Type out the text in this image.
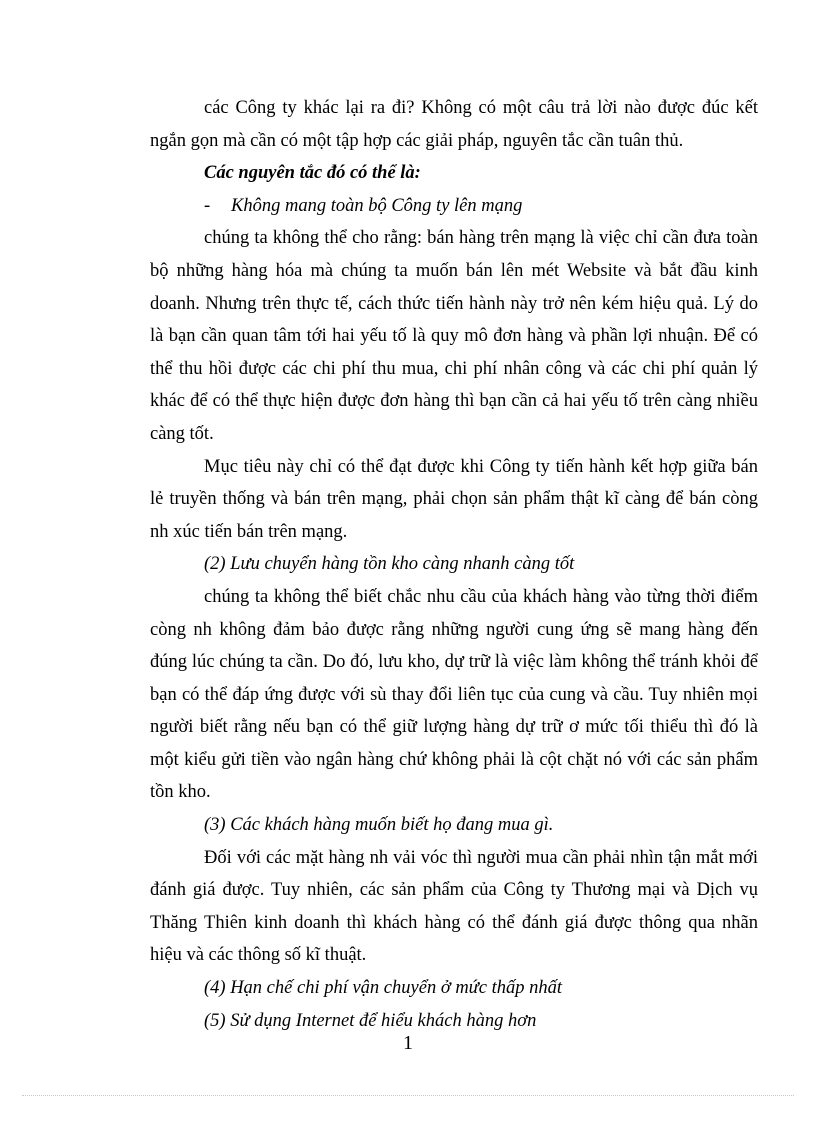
các Công ty khác lại ra đi? Không có một câu trả lời nào được đúc kết ngắn gọn mà cần có một tập hợp các giải pháp, nguyên tắc cần tuân thủ.

Các nguyên tắc đó có thể là:

- Không mang toàn bộ Công ty lên mạng

chúng ta không thể cho rằng: bán hàng trên mạng là việc chỉ cần đưa toàn bộ những hàng hóa mà chúng ta muốn bán lên mét Website và bắt đầu kinh doanh. Nhưng trên thực tế, cách thức tiến hành này trở nên kém hiệu quả. Lý do là bạn cần quan tâm tới hai yếu tố là quy mô đơn hàng và phần lợi nhuận. Để có thể thu hồi được các chi phí thu mua, chi phí nhân công và các chi phí quản lý khác để có thể thực hiện được đơn hàng thì bạn cần cả hai yếu tố trên càng nhiều càng tốt.

Mục tiêu này chỉ có thể đạt được khi Công ty tiến hành kết hợp giữa bán lẻ truyền thống và bán trên mạng, phải chọn sản phẩm thật kĩ càng để bán còng nh xúc tiến bán trên mạng.

(2) Lưu chuyển hàng tồn kho càng nhanh càng tốt

chúng ta không thể biết chắc nhu cầu của khách hàng vào từng thời điểm còng nh không đảm bảo được rằng những người cung ứng sẽ mang hàng đến đúng lúc chúng ta cần. Do đó, lưu kho, dự trữ là việc làm không thể tránh khỏi để bạn có thể đáp ứng được với sù thay đổi liên tục của cung và cầu. Tuy nhiên mọi người biết rằng nếu bạn có thể giữ lượng hàng dự trữ ơ mức tối thiểu thì đó là một kiểu gửi tiền vào ngân hàng chứ không phải là cột chặt nó với các sản phẩm tồn kho.

(3) Các khách hàng muốn biết họ đang mua gì.

Đối với các mặt hàng nh vải vóc thì người mua cần phải nhìn tận mắt mới đánh giá được. Tuy nhiên, các sản phẩm của Công ty Thương mại và Dịch vụ Thăng Thiên kinh doanh thì khách hàng có thể đánh giá được thông qua nhãn hiệu và các thông số kĩ thuật.

(4) Hạn chế chi phí vận chuyển ở mức thấp nhất

(5) Sử dụng Internet để hiểu khách hàng hơn

1
